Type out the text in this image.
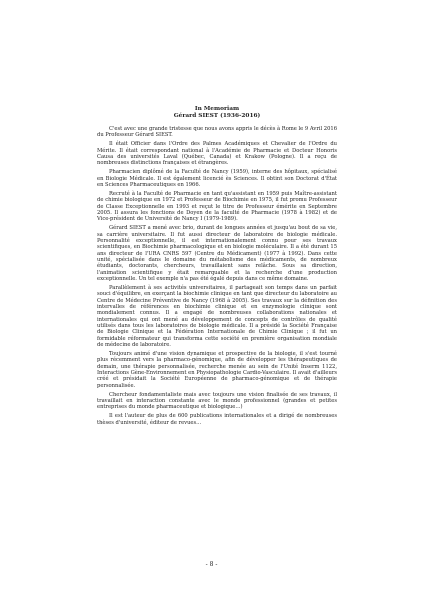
In Memoriam

Gérard SIEST (1936-2016)

C'est avec une grande tristesse que nous avons appris le décès à Rome le 9 Avril 2016 du Professeur Gérard SIEST.

Il était Officier dans l'Ordre des Palmes Académiques et Chevalier de l'Ordre du Mérite. Il était correspondant national à l'Académie de Pharmacie et Docteur Honoris Causa des universités Laval (Québec, Canada) et Krakow (Pologne). Il a reçu de nombreuses distinctions françaises et étrangères.

Pharmacien diplômé de la Faculté de Nancy (1959), interne des hôpitaux, spécialisé en Biologie Médicale. Il est également licencié ès Sciences. Il obtint son Doctorat d'État en Sciences Pharmaceutiques en 1966.

Recruté à la Faculté de Pharmacie en tant qu'assistant en 1959 puis Maître-assistant de chimie biologique en 1972 et Professeur de Biochimie en 1975, il fut promu Professeur de Classe Exceptionnelle en 1993 et reçut le titre de Professeur émérite en Septembre 2005. Il assura les fonctions de Doyen de la faculté de Pharmacie (1978 à 1982) et de Vice-président de Université de Nancy I (1979-1989).

Gérard SIEST a mené avec brio, durant de longues années et jusqu'au bout de sa vie, sa carrière universitaire. Il fut aussi directeur de laboratoire de biologie médicale. Personnalité exceptionnelle, il est internationalement connu pour ses travaux scientifiques, en Biochimie pharmacologique et en biologie moléculaire. Il a été durant 15 ans directeur de l'URA CNRS 597 (Centre du Médicament) (1977 à 1992). Dans cette unité, spécialisée dans le domaine du métabolisme des médicaments, de nombreux étudiants, doctorants, chercheurs, travaillaient sans relâche. Sous sa direction, l'animation scientifique y était remarquable et la recherche d'une production exceptionnelle. Un tel exemple n'a pas été égalé depuis dans ce même domaine.

Parallèlement à ses activités universitaires, il partageait son temps dans un parfait souci d'équilibre, en exerçant la biochimie clinique en tant que directeur du laboratoire au Centre de Médecine Préventive de Nancy (1968 à 2005). Ses travaux sur la définition des intervalles de références en biochimie clinique et en enzymologie clinique sont mondialement connus. Il a engagé de nombreuses collaborations nationales et internationales qui ont mené au développement de concepts de contrôles de qualité utilisés dans tous les laboratoires de biologie médicale. Il a présidé la Société Française de Biologie Clinique et la Fédération Internationale de Chimie Clinique ; il fut un formidable réformateur qui transforma cette société en première organisation mondiale de médecine de laboratoire.

Toujours animé d'une vision dynamique et prospective de la biologie, il s'est tourné plus récemment vers la pharmaco-génomique, afin de développer les thérapeutiques de demain, une thérapie personnalisée, recherche menée au sein de l'Unité Inserm 1122, Interactions Gène-Environnement en Physiopathologie Cardio-Vasculaire. Il avait d'ailleurs créé et présidait la Société Européenne de pharmaco-génomique et de thérapie personnalisée.

Chercheur fondamentaliste mais avec toujours une vision finalisée de ses travaux, il travaillait en interaction constante avec le monde professionnel (grandes et petites entreprises du monde pharmaceutique et biologique…)

Il est l'auteur de plus de 600 publications internationales et a dirigé de nombreuses thèses d'université, éditeur de revues…

- 8 -
